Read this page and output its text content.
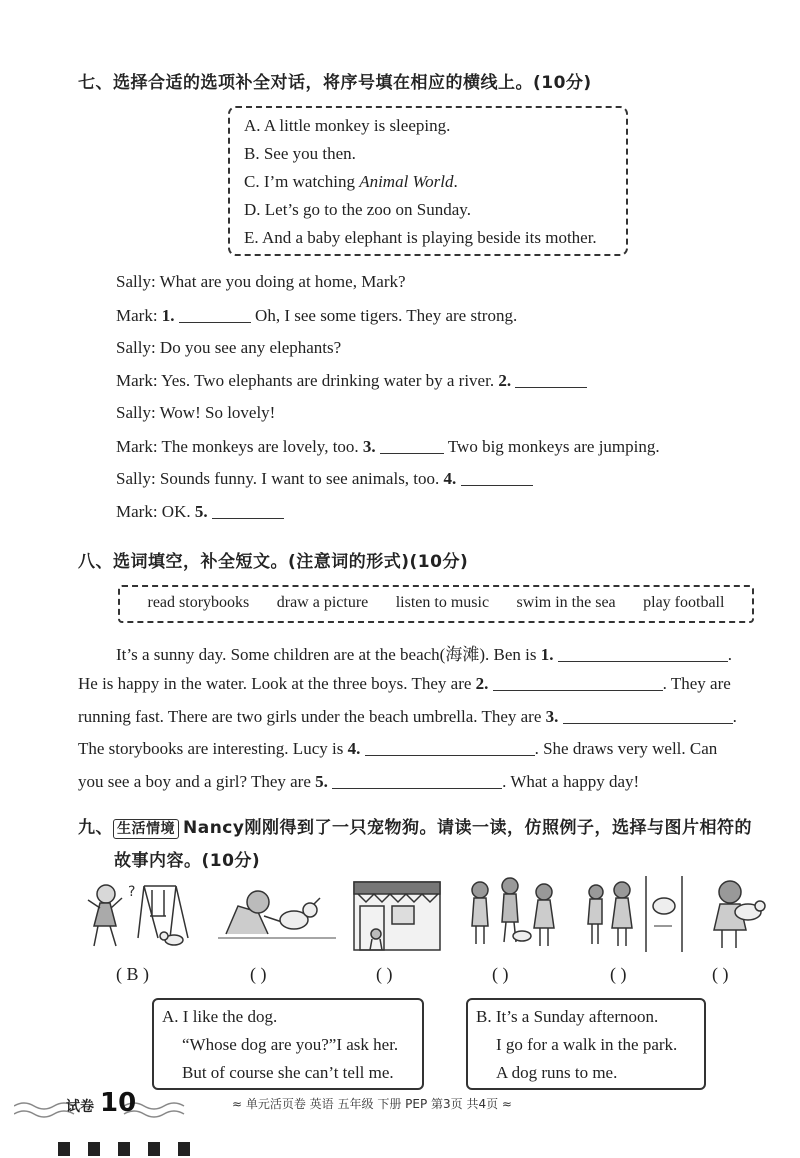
七、选择合适的选项补全对话，将序号填在相应的横线上。(10分)
A. A little monkey is sleeping.
B. See you then.
C. I’m watching Animal World.
D. Let’s go to the zoo on Sunday.
E. And a baby elephant is playing beside its mother.
Sally: What are you doing at home, Mark?
Mark: 1.	Oh, I see some tigers. They are strong.
Sally: Do you see any elephants?
Mark: Yes. Two elephants are drinking water by a river. 2.
Sally: Wow! So lovely!
Mark: The monkeys are lovely, too. 3.	Two big monkeys are jumping.
Sally: Sounds funny. I want to see animals, too. 4.
Mark: OK. 5.
八、选词填空，补全短文。(注意词的形式)(10分)
read storybooks draw a picture listen to music swim in the sea play football
It’s a sunny day. Some children are at the beach(海滩). Ben is 1.	.
He is happy in the water. Look at the three boys. They are 2.	. They are
running fast. There are two girls under the beach umbrella. They are 3.	.
The storybooks are interesting. Lucy is 4.	. She draws very well. Can
you see a boy and a girl? They are 5.	. What a happy day!
九、 生活情境 Nancy刚刚得到了一只宠物狗。请读一读，仿照例子，选择与图片相符的
故事内容。(10分)
?
( B )	( )	( )	( )	( )	( )
A. I like the dog.
“Whose dog are you?”I ask her.
But of course she can’t tell me.
B. It’s a Sunday afternoon.
I go for a walk in the park.
A dog runs to me.
试卷 10	≈ 单元活页卷 英语 五年级 下册 PEP 第3页 共4页 ≈
